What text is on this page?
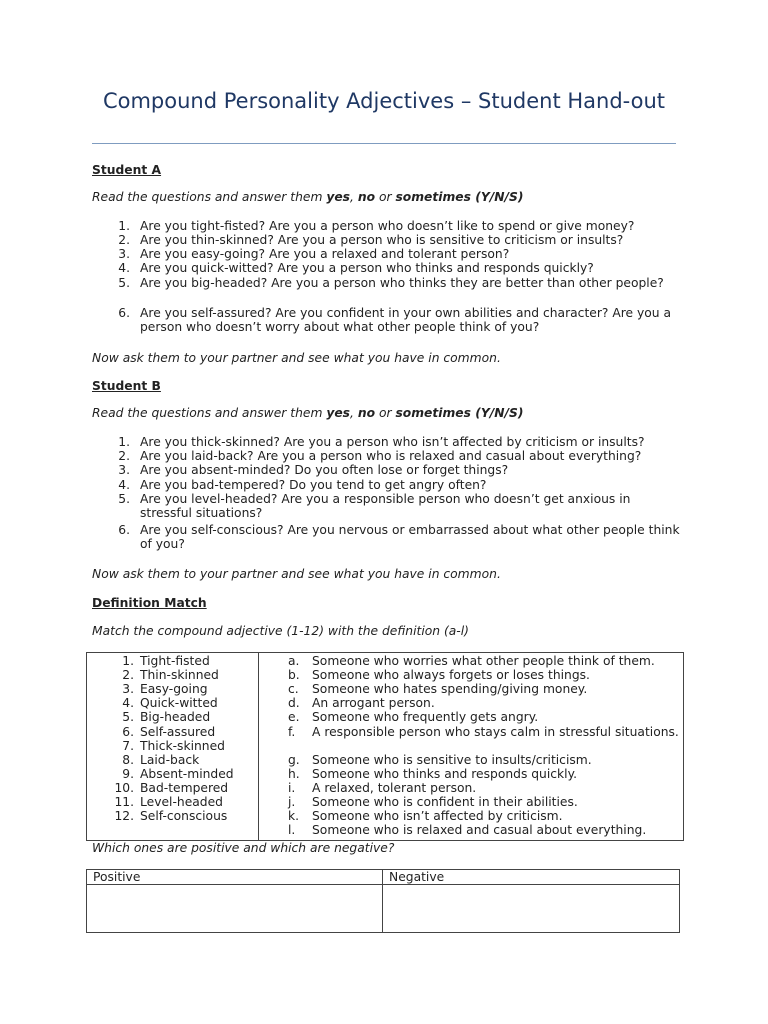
Compound Personality Adjectives – Student Hand-out
Student A
Read the questions and answer them yes, no or sometimes (Y/N/S)
1. Are you tight-fisted? Are you a person who doesn’t like to spend or give money?
2. Are you thin-skinned? Are you a person who is sensitive to criticism or insults?
3. Are you easy-going? Are you a relaxed and tolerant person?
4. Are you quick-witted? Are you a person who thinks and responds quickly?
5. Are you big-headed? Are you a person who thinks they are better than other people?
6. Are you self-assured? Are you confident in your own abilities and character? Are you a person who doesn’t worry about what other people think of you?
Now ask them to your partner and see what you have in common.
Student B
Read the questions and answer them yes, no or sometimes (Y/N/S)
1. Are you thick-skinned? Are you a person who isn’t affected by criticism or insults?
2. Are you laid-back? Are you a person who is relaxed and casual about everything?
3. Are you absent-minded? Do you often lose or forget things?
4. Are you bad-tempered? Do you tend to get angry often?
5. Are you level-headed? Are you a responsible person who doesn’t get anxious in stressful situations?
6. Are you self-conscious? Are you nervous or embarrassed about what other people think of you?
Now ask them to your partner and see what you have in common.
Definition Match
Match the compound adjective (1-12) with the definition (a-l)
1.
2.
3.
4.
5.
6.
7.
8.
9.
10.
11.
12.
Tight-fisted
Thin-skinned
Easy-going
Quick-witted
Big-headed
Self-assured
Thick-skinned
Laid-back
Absent-minded
Bad-tempered
Level-headed
Self-conscious
a.
b.
c.
d.
e.
f.
g.
h.
i.
j.
k.
l.
Someone who worries what other people think of them.
Someone who always forgets or loses things.
Someone who hates spending/giving money.
An arrogant person.
Someone who frequently gets angry.
A responsible person who stays calm in stressful situations.
Someone who is sensitive to insults/criticism.
Someone who thinks and responds quickly.
A relaxed, tolerant person.
Someone who is confident in their abilities.
Someone who isn’t affected by criticism.
Someone who is relaxed and casual about everything.
Which ones are positive and which are negative?
Positive	Negative
